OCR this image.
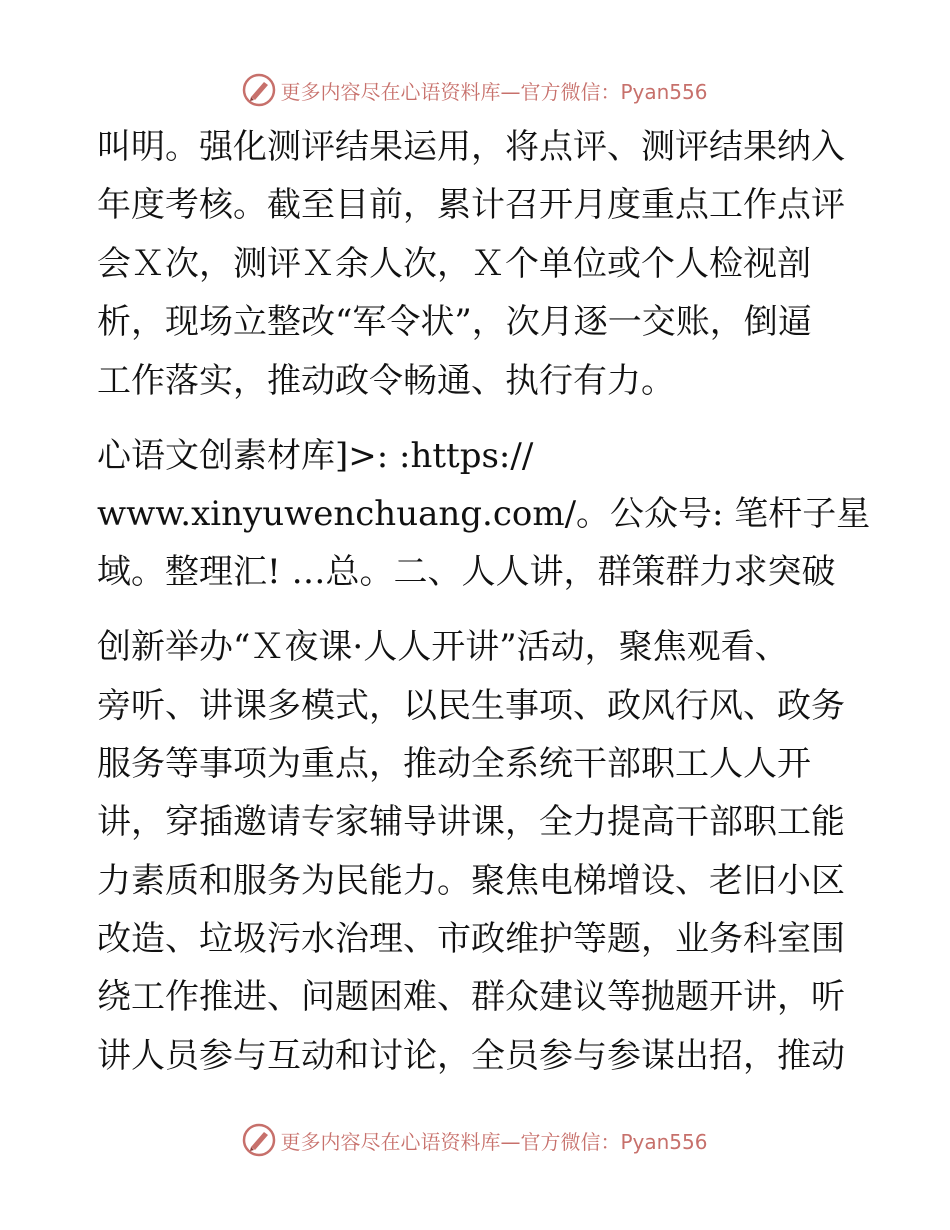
更多内容尽在心语资料库—官方微信：Pyan556
叫明。强化测评结果运用，将点评、测评结果纳入
年度考核。截至目前，累计召开月度重点工作点评
会Ｘ次，测评Ｘ余人次，Ｘ个单位或个人检视剖
析，现场立整改“军令状”，次月逐一交账，倒逼
工作落实，推动政令畅通、执行有力。
心语文创素材库]>: :https://
www.xinyuwenchuang.com/。公众号: 笔杆子星
域。整理汇! …总。二、人人讲，群策群力求突破
创新举办“Ｘ夜课·人人开讲”活动，聚焦观看、
旁听、讲课多模式，以民生事项、政风行风、政务
服务等事项为重点，推动全系统干部职工人人开
讲，穿插邀请专家辅导讲课，全力提高干部职工能
力素质和服务为民能力。聚焦电梯增设、老旧小区
改造、垃圾污水治理、市政维护等题，业务科室围
绕工作推进、问题困难、群众建议等抛题开讲，听
讲人员参与互动和讨论，全员参与参谋出招，推动
更多内容尽在心语资料库—官方微信：Pyan556
